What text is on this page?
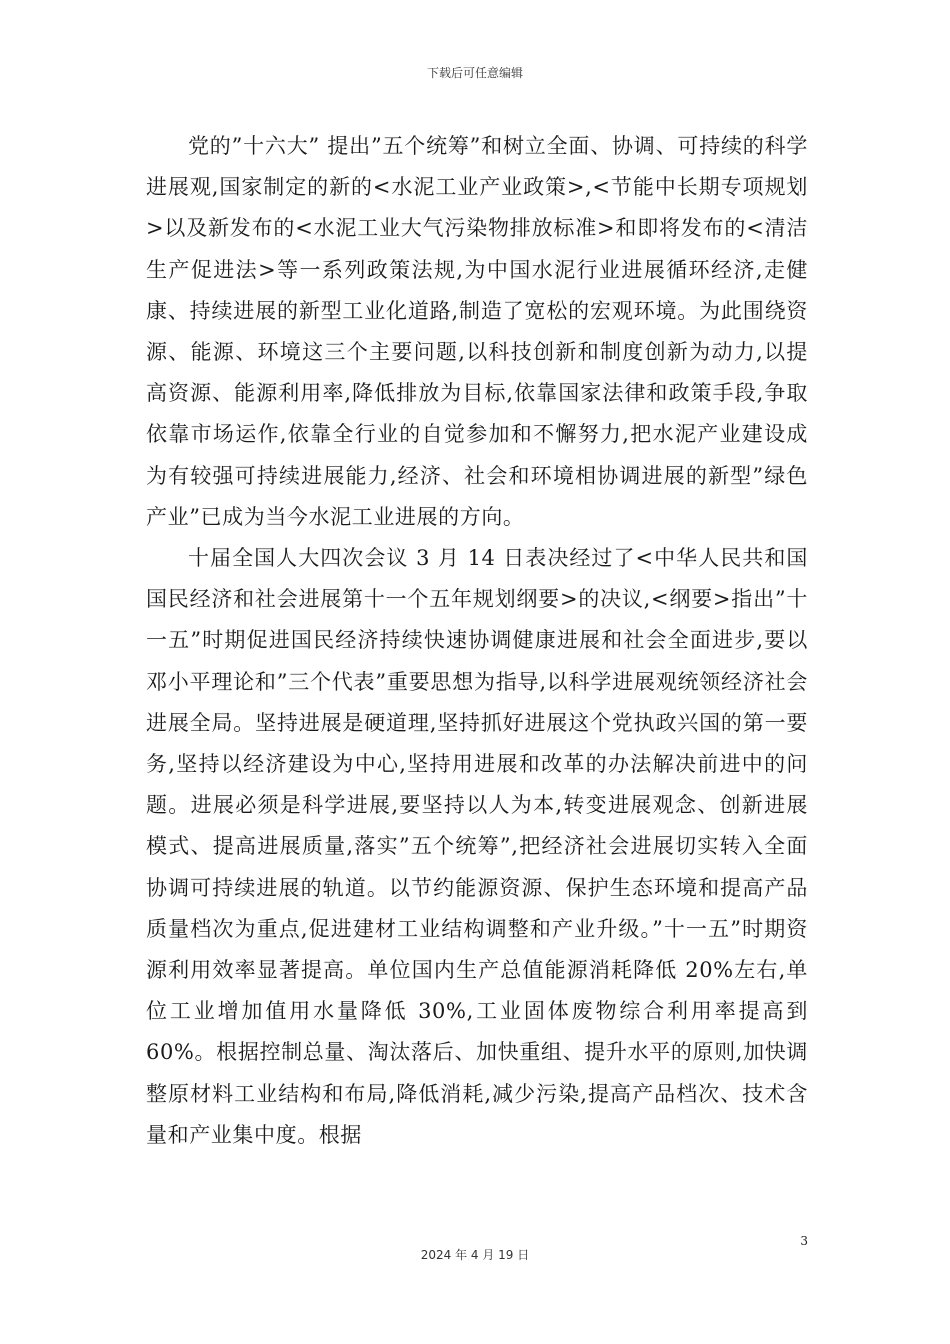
下载后可任意编辑

党的”十六大” 提出”五个统筹”和树立全面、协调、可持续的科学进展观,国家制定的新的<水泥工业产业政策>,<节能中长期专项规划>以及新发布的<水泥工业大气污染物排放标准>和即将发布的<清洁生产促进法>等一系列政策法规,为中国水泥行业进展循环经济,走健康、持续进展的新型工业化道路,制造了宽松的宏观环境。为此围绕资源、能源、环境这三个主要问题,以科技创新和制度创新为动力,以提高资源、能源利用率,降低排放为目标,依靠国家法律和政策手段,争取依靠市场运作,依靠全行业的自觉参加和不懈努力,把水泥产业建设成为有较强可持续进展能力,经济、社会和环境相协调进展的新型”绿色产业”已成为当今水泥工业进展的方向。

十届全国人大四次会议 3 月 14 日表决经过了<中华人民共和国国民经济和社会进展第十一个五年规划纲要>的决议,<纲要>指出”十一五”时期促进国民经济持续快速协调健康进展和社会全面进步,要以邓小平理论和”三个代表”重要思想为指导,以科学进展观统领经济社会进展全局。坚持进展是硬道理,坚持抓好进展这个党执政兴国的第一要务,坚持以经济建设为中心,坚持用进展和改革的办法解决前进中的问题。进展必须是科学进展,要坚持以人为本,转变进展观念、创新进展模式、提高进展质量,落实”五个统筹”,把经济社会进展切实转入全面协调可持续进展的轨道。以节约能源资源、保护生态环境和提高产品质量档次为重点,促进建材工业结构调整和产业升级。”十一五”时期资源利用效率显著提高。单位国内生产总值能源消耗降低 20%左右,单位工业增加值用水量降低 30%,工业固体废物综合利用率提高到 60%。根据控制总量、淘汰落后、加快重组、提升水平的原则,加快调整原材料工业结构和布局,降低消耗,减少污染,提高产品档次、技术含量和产业集中度。根据

3
2024 年 4 月 19 日
